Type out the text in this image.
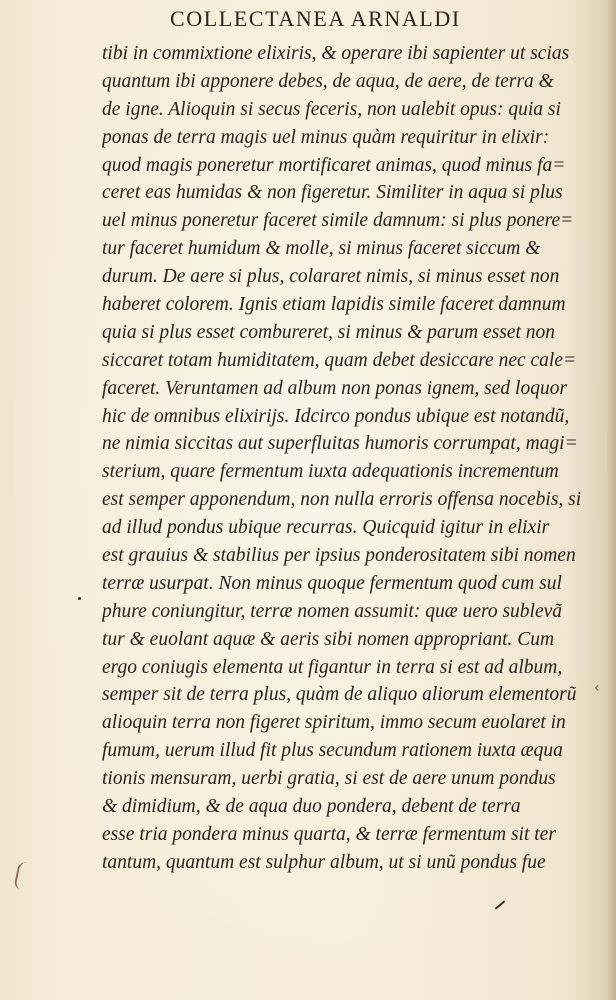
COLLECTANEA ARNALDI
tibi in commixtione elixiris, & operare ibi sapienter ut scias
quantum ibi apponere debes, de aqua, de aere, de terra &
de igne. Alioquin si secus feceris, non ualebit opus: quia si
ponas de terra magis uel minus quàm requiritur in elixir:
quod magis poneretur mortificaret animas, quod minus fa=
ceret eas humidas & non figeretur. Similiter in aqua si plus
uel minus poneretur faceret simile damnum: si plus ponere=
tur faceret humidum & molle, si minus faceret siccum &
durum. De aere si plus, colararet nimis, si minus esset non
haberet colorem. Ignis etiam lapidis simile faceret damnum
quia si plus esset combureret, si minus & parum esset non
siccaret totam humiditatem, quam debet desiccare nec cale=
faceret. Veruntamen ad album non ponas ignem, sed loquor
hic de omnibus elixirijs. Idcirco pondus ubique est notandũ,
ne nimia siccitas aut superfluitas humoris corrumpat, magi=
sterium, quare fermentum iuxta adequationis incrementum
est semper apponendum, non nulla erroris offensa nocebis, si
ad illud pondus ubique recurras. Quicquid igitur in elixir
est grauius & stabilius per ipsius ponderositatem sibi nomen
terræ usurpat. Non minus quoque fermentum quod cum sul
phure coniungitur, terræ nomen assumit: quæ uero sublevã
tur & euolant aquæ & aeris sibi nomen appropriant. Cum
ergo coniugis elementa ut figantur in terra si est ad album,
semper sit de terra plus, quàm de aliquo aliorum elementorũ
alioquin terra non figeret spiritum, immo secum euolaret in
fumum, uerum illud fit plus secundum rationem iuxta æqua
tionis mensuram, uerbi gratia, si est de aere unum pondus
& dimidium, & de aqua duo pondera, debent de terra
esse tria pondera minus quarta, & terræ fermentum sit ter
tantum, quantum est sulphur album, ut si unũ pondus fue
‹
